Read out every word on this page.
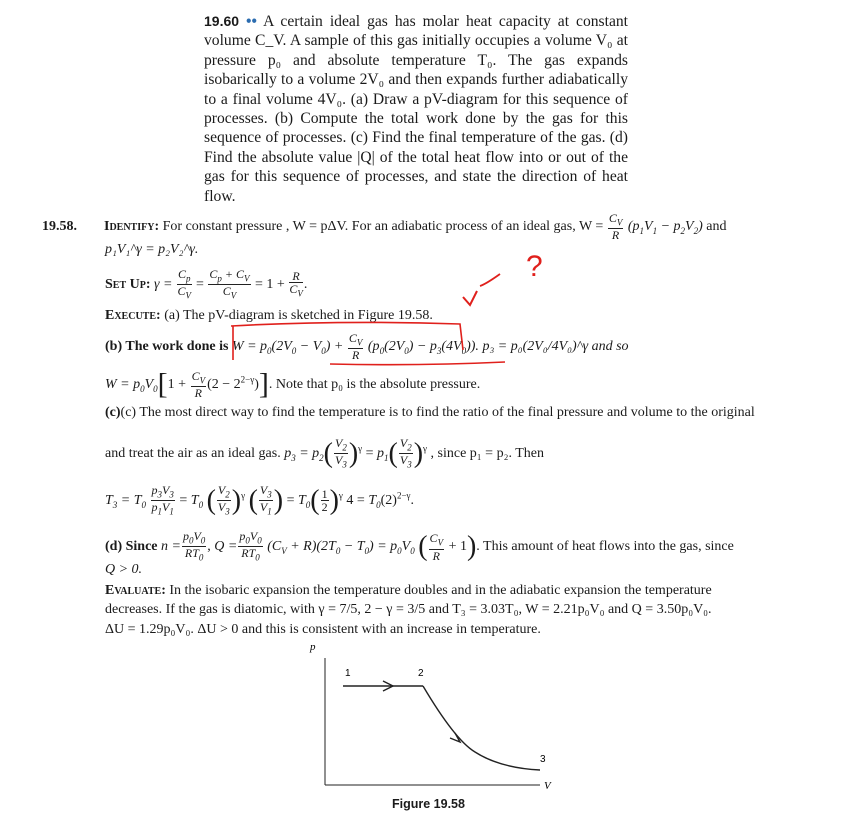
19.60 •• A certain ideal gas has molar heat capacity at constant volume C_V. A sample of this gas initially occupies a volume V₀ at pressure p₀ and absolute temperature T₀. The gas expands isobarically to a volume 2V₀ and then expands further adiabatically to a final volume 4V₀. (a) Draw a pV-diagram for this sequence of processes. (b) Compute the total work done by the gas for this sequence of processes. (c) Find the final temperature of the gas. (d) Find the absolute value |Q| of the total heat flow into or out of the gas for this sequence of processes, and state the direction of heat flow.
19.58. Identify: For constant pressure , W = pΔV. For an adiabatic process of an ideal gas, $W = \frac{C_V}{R} (p_1V_1 - p_2V_2)$ and
p₁V₁^γ = p₂V₂^γ.
Set Up: $\gamma = \frac{C_p}{C_V} = \frac{C_p + C_V}{C_V} = 1 + \frac{R}{C_V}$ .
Execute: (a) The pV-diagram is sketched in Figure 19.58.
(b) The work done is $W = p_0(2V_0 - V_0) + \frac{C_V}{R} (p_0(2V_0) - p_3(4V_0))$. p₃ = p₀(2V₀/4V₀)^γ and so
$W = p_0V_0[1 + \frac{C_V}{R} (2 - 2^{2-\gamma})]$. Note that p₀ is the absolute pressure.
(c)(c) The most direct way to find the temperature is to find the ratio of the final pressure and volume to the original
and treat the air as an ideal gas. $p_3 = p_2( \frac{V_2}{V_3} )^\gamma = p_1( \frac{V_2}{V_3} )^\gamma$ , since p₁ = p₂. Then
$T_3 = T_0 \frac{p_3V_3}{p_1V_1} = T_0$ ( $\frac{V_2}{V_3} )^\gamma$ ( $\frac{V_3}{V_1}$ ) = $T_0( \frac{1}{2} )^\gamma$ $4 = T_0(2)^{2-\gamma}$.
(d) Since $n = \frac{p_0V_0}{RT_0}$ , $Q = \frac{p_0V_0}{RT_0} (C_V + R)(2T_0 - T_0) = p_0V_0$ ( $\frac{C_V}{R} + 1$). This amount of heat flows into the gas, since
Q > 0.
Evaluate: In the isobaric expansion the temperature doubles and in the adiabatic expansion the temperature
decreases. If the gas is diatomic, with γ = 7/5, 2 − γ = 3/5 and T₃ = 3.03T₀, W = 2.21p₀V₀ and Q = 3.50p₀V₀.
ΔU = 1.29p₀V₀. ΔU > 0 and this is consistent with an increase in temperature.
?
p
V
1	2
3
Figure 19.58
